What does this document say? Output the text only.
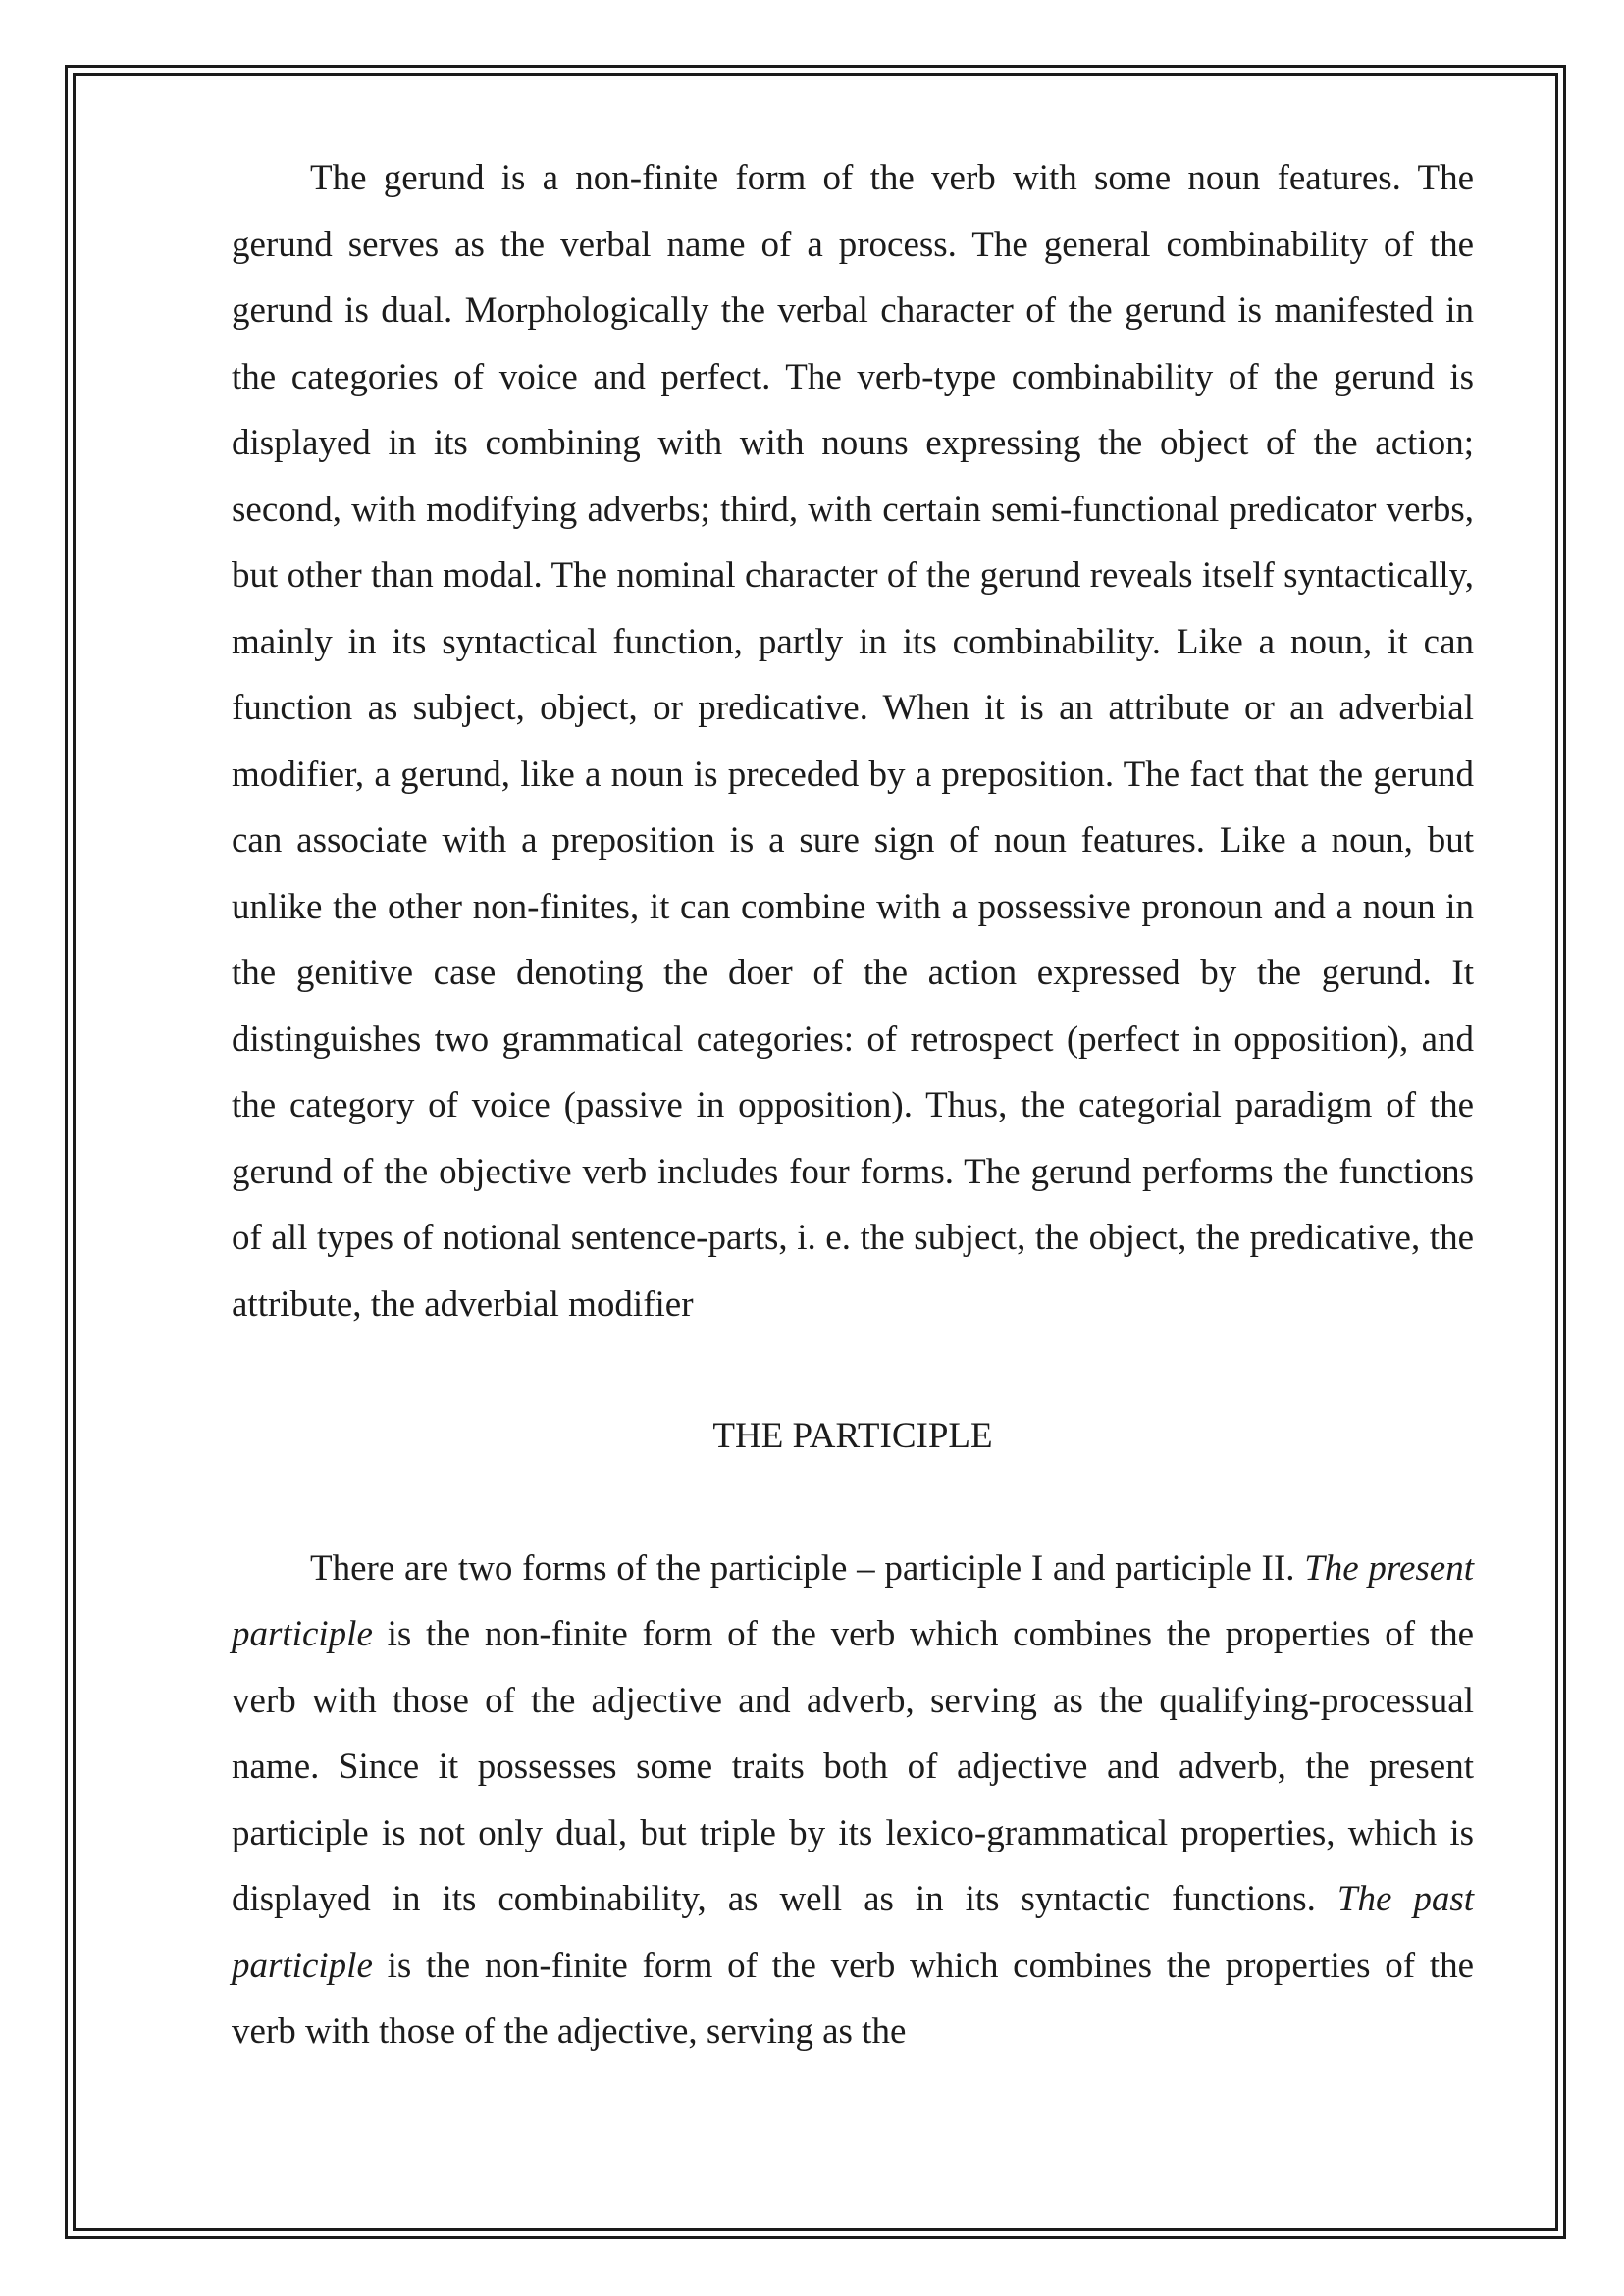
The gerund is a non-finite form of the verb with some noun features. The gerund serves as the verbal name of a process. The general combinability of the gerund is dual. Morphologically the verbal character of the gerund is manifested in the categories of voice and perfect. The verb-type combinability of the gerund is displayed in its combining with with nouns expressing the object of the action; second, with modifying adverbs; third, with certain semi-functional predicator verbs, but other than modal. The nominal character of the gerund reveals itself syntactically, mainly in its syntactical function, partly in its combinability. Like a noun, it can function as subject, object, or predicative. When it is an attribute or an adverbial modifier, a gerund, like a noun is preceded by a preposition. The fact that the gerund can associate with a preposition is a sure sign of noun features. Like a noun, but unlike the other non-finites, it can combine with a possessive pronoun and a noun in the genitive case denoting the doer of the action expressed by the gerund. It distinguishes two grammatical categories: of retrospect (perfect in opposition), and the category of voice (passive in opposition). Thus, the categorial paradigm of the gerund of the objective verb includes four forms. The gerund performs the functions of all types of notional sentence-parts, i. e. the subject, the object, the predicative, the attribute, the adverbial modifier

THE PARTICIPLE

There are two forms of the participle – participle I and participle II. The present participle is the non-finite form of the verb which combines the properties of the verb with those of the adjective and adverb, serving as the qualifying-processual name. Since it possesses some traits both of adjective and adverb, the present participle is not only dual, but triple by its lexico-grammatical properties, which is displayed in its combinability, as well as in its syntactic functions. The past participle is the non-finite form of the verb which combines the properties of the verb with those of the adjective, serving as the
